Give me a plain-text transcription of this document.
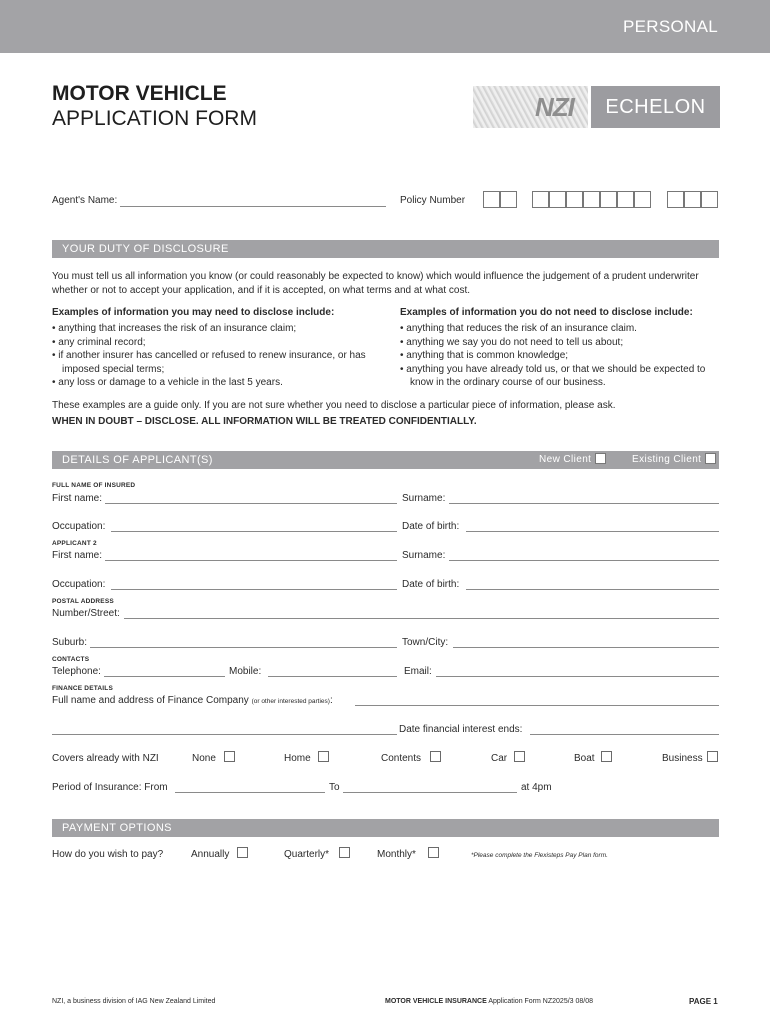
PERSONAL
MOTOR VEHICLE
APPLICATION FORM	NZI	ECHELON
Agent's Name:	Policy Number
YOUR DUTY OF DISCLOSURE
You must tell us all information you know (or could reasonably be expected to know) which would influence the judgement of a prudent underwriter whether or not to accept your application, and if it is accepted, on what terms and at what cost.
Examples of information you may need to disclose include:
• anything that increases the risk of an insurance claim;
• any criminal record;
• if another insurer has cancelled or refused to renew insurance, or has imposed special terms;
• any loss or damage to a vehicle in the last 5 years.
Examples of information you do not need to disclose include:
• anything that reduces the risk of an insurance claim.
• anything we say you do not need to tell us about;
• anything that is common knowledge;
• anything you have already told us, or that we should be expected to know in the ordinary course of our business.
These examples are a guide only. If you are not sure whether you need to disclose a particular piece of information, please ask.
WHEN IN DOUBT – DISCLOSE. ALL INFORMATION WILL BE TREATED CONFIDENTIALLY.
DETAILS OF APPLICANT(S)	New Client	Existing Client
FULL NAME OF INSURED
First name:	Surname:
Occupation:	Date of birth:
APPLICANT 2
First name:	Surname:
Occupation:	Date of birth:
POSTAL ADDRESS
Number/Street:
Suburb:	Town/City:
CONTACTS
Telephone:	Mobile:	Email:
FINANCE DETAILS
Full name and address of Finance Company (or other interested parties):
Date financial interest ends:
Covers already with NZI	None	Home	Contents	Car	Boat	Business
Period of Insurance: From	To	at 4pm
PAYMENT OPTIONS
How do you wish to pay?	Annually	Quarterly*	Monthly*	*Please complete the Flexisteps Pay Plan form.
NZI, a business division of IAG New Zealand Limited	MOTOR VEHICLE INSURANCE Application Form NZ2025/3 08/08	PAGE 1
